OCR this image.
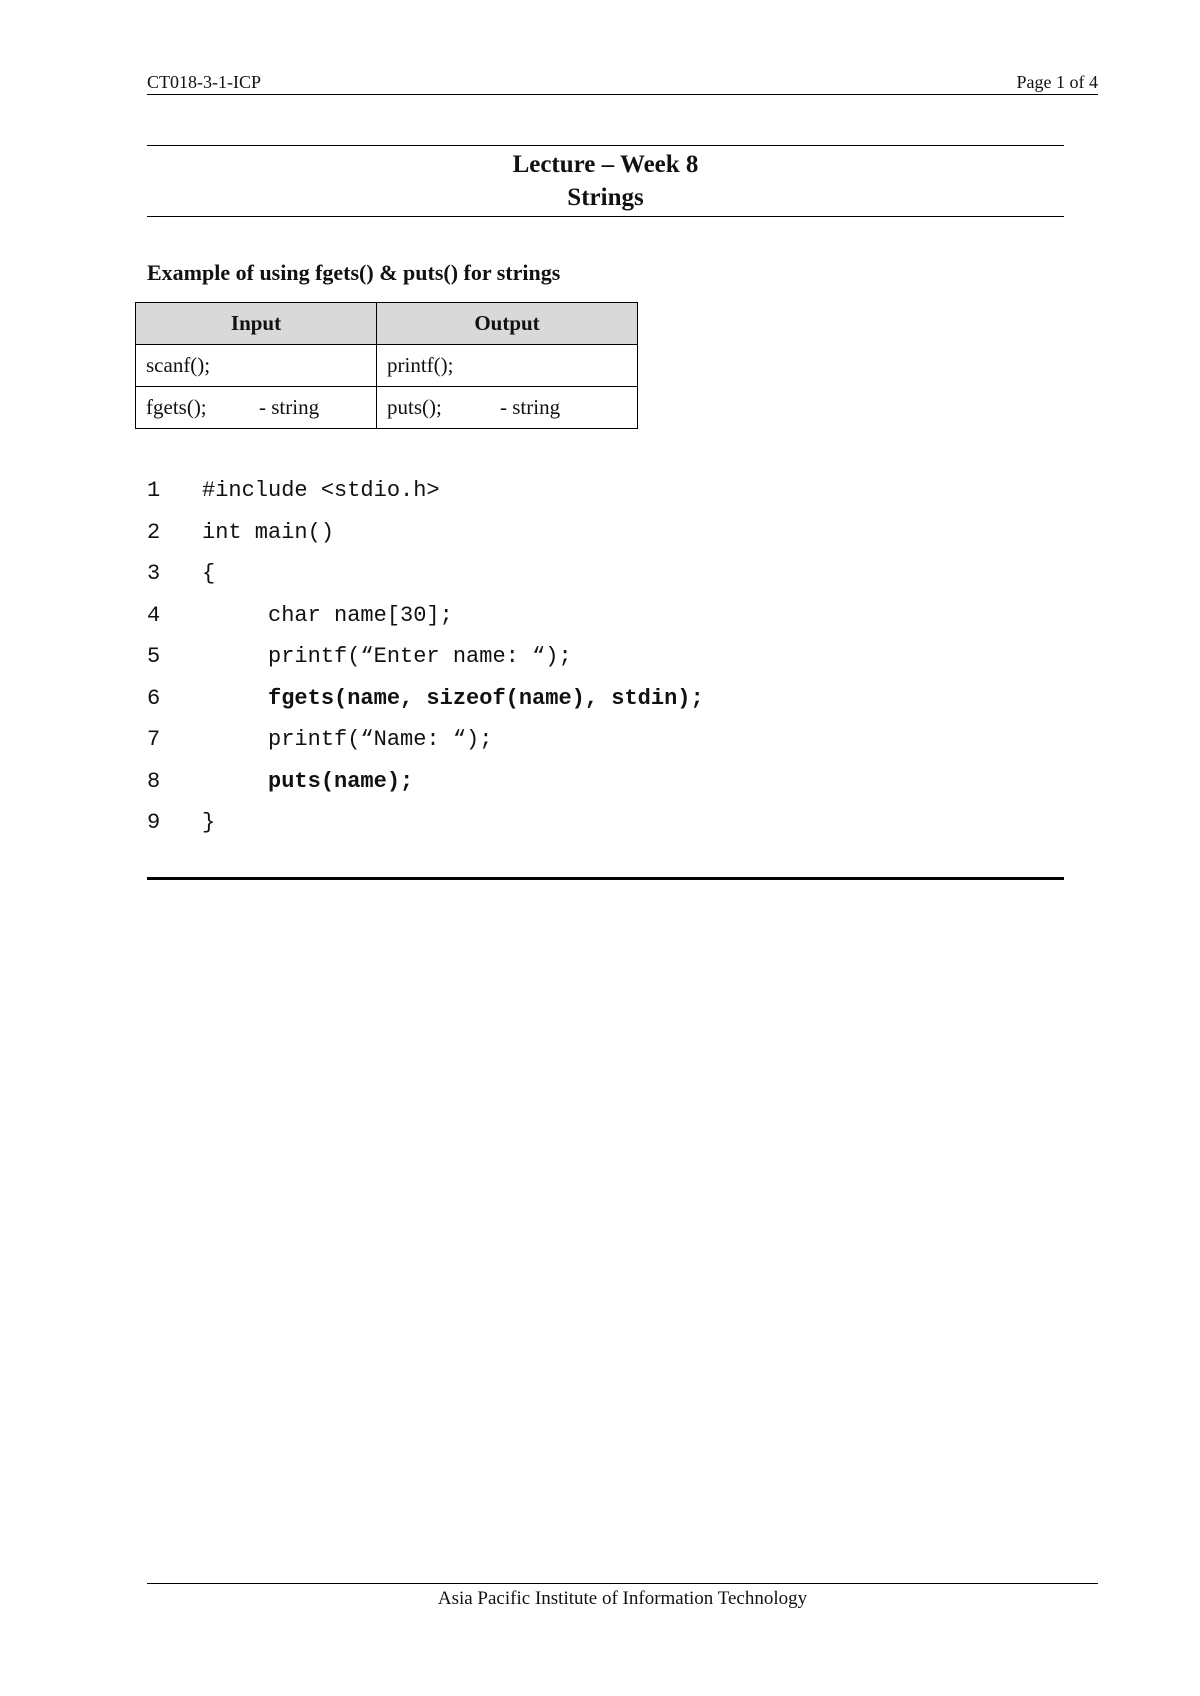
CT018-3-1-ICP	Page 1 of 4
Lecture – Week 8
Strings
Example of using fgets() & puts() for strings
Input	Output
scanf();	printf();
fgets(); - string	puts(); - string
1 #include <stdio.h>
2 int main()
3 {
4     char name[30];
5     printf(“Enter name: “);
6     fgets(name, sizeof(name), stdin);
7     printf(“Name: “);
8     puts(name);
9 }
Asia Pacific Institute of Information Technology
